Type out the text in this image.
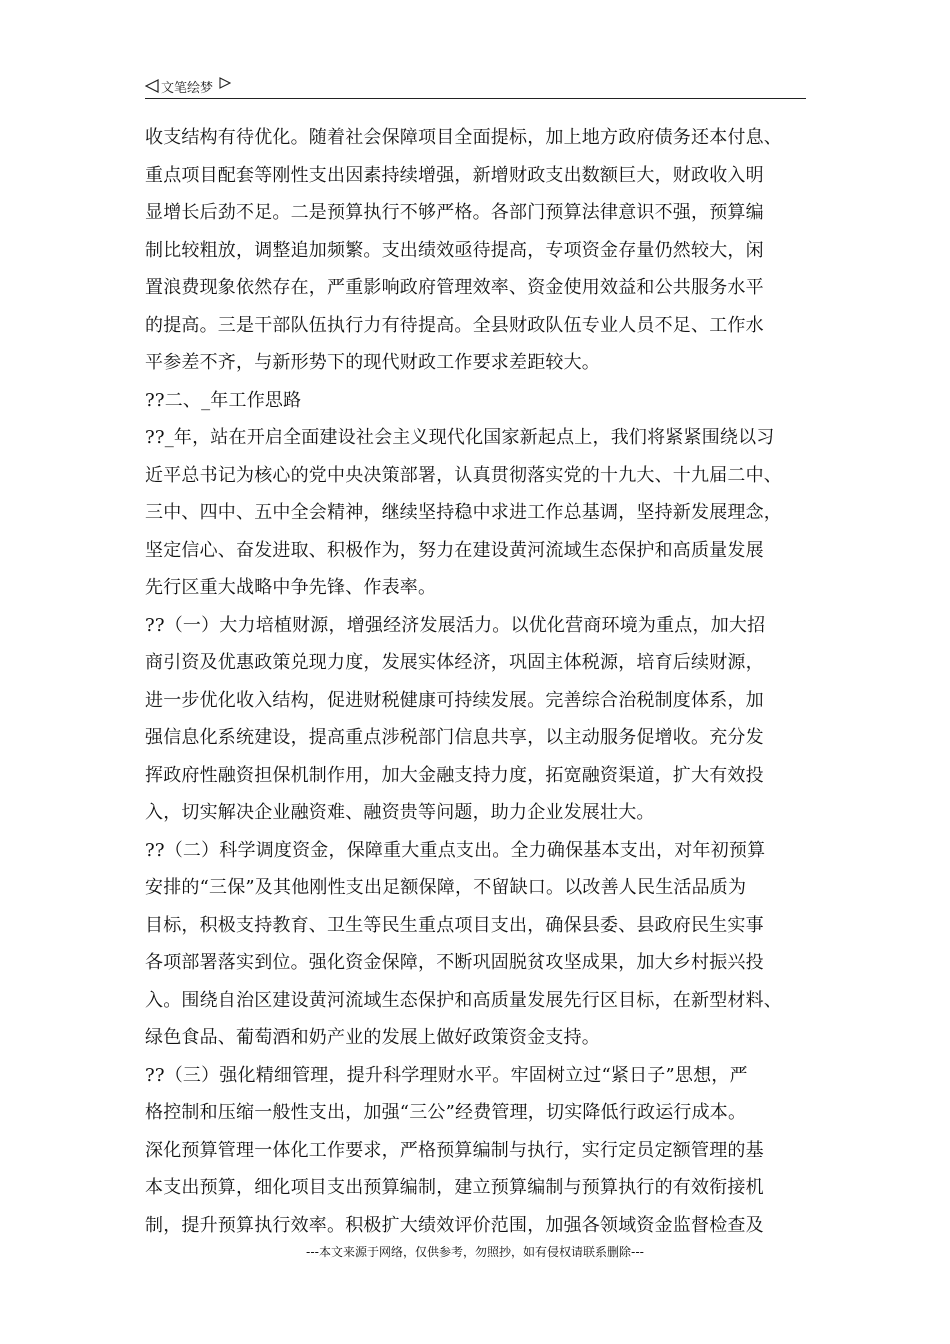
文笔绘梦
收支结构有待优化。随着社会保障项目全面提标，加上地方政府债务还本付息、
重点项目配套等刚性支出因素持续增强，新增财政支出数额巨大，财政收入明
显增长后劲不足。二是预算执行不够严格。各部门预算法律意识不强，预算编
制比较粗放，调整追加频繁。支出绩效亟待提高，专项资金存量仍然较大，闲
置浪费现象依然存在，严重影响政府管理效率、资金使用效益和公共服务水平
的提高。三是干部队伍执行力有待提高。全县财政队伍专业人员不足、工作水
平参差不齐，与新形势下的现代财政工作要求差距较大。
??二、_年工作思路
??_年，站在开启全面建设社会主义现代化国家新起点上，我们将紧紧围绕以习
近平总书记为核心的党中央决策部署，认真贯彻落实党的十九大、十九届二中、
三中、四中、五中全会精神，继续坚持稳中求进工作总基调，坚持新发展理念，
坚定信心、奋发进取、积极作为，努力在建设黄河流域生态保护和高质量发展
先行区重大战略中争先锋、作表率。
??（一）大力培植财源，增强经济发展活力。以优化营商环境为重点，加大招
商引资及优惠政策兑现力度，发展实体经济，巩固主体税源，培育后续财源，
进一步优化收入结构，促进财税健康可持续发展。完善综合治税制度体系，加
强信息化系统建设，提高重点涉税部门信息共享，以主动服务促增收。充分发
挥政府性融资担保机制作用，加大金融支持力度，拓宽融资渠道，扩大有效投
入，切实解决企业融资难、融资贵等问题，助力企业发展壮大。
??（二）科学调度资金，保障重大重点支出。全力确保基本支出，对年初预算
安排的“三保”及其他刚性支出足额保障，不留缺口。以改善人民生活品质为
目标，积极支持教育、卫生等民生重点项目支出，确保县委、县政府民生实事
各项部署落实到位。强化资金保障，不断巩固脱贫攻坚成果，加大乡村振兴投
入。围绕自治区建设黄河流域生态保护和高质量发展先行区目标，在新型材料、
绿色食品、葡萄酒和奶产业的发展上做好政策资金支持。
??（三）强化精细管理，提升科学理财水平。牢固树立过“紧日子”思想，严
格控制和压缩一般性支出，加强“三公”经费管理，切实降低行政运行成本。
深化预算管理一体化工作要求，严格预算编制与执行，实行定员定额管理的基
本支出预算，细化项目支出预算编制，建立预算编制与预算执行的有效衔接机
制，提升预算执行效率。积极扩大绩效评价范围，加强各领域资金监督检查及
---本文来源于网络，仅供参考，勿照抄，如有侵权请联系删除---
